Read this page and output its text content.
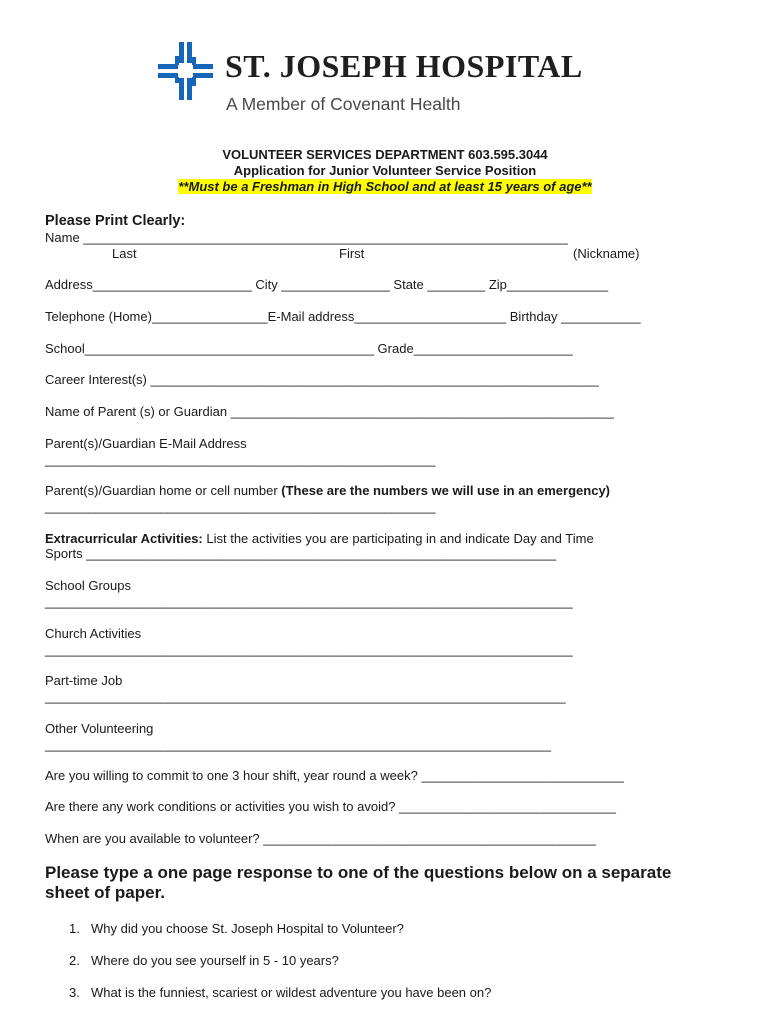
ST. JOSEPH HOSPITAL
A Member of Covenant Health
VOLUNTEER SERVICES DEPARTMENT 603.595.3044
Application for Junior Volunteer Service Position
**Must be a Freshman in High School and at least 15 years of age**
Please Print Clearly:
Name ___________________________________________________________________
Last	First	(Nickname)
Address______________________ City _______________ State ________ Zip______________
Telephone (Home)________________E-Mail address_____________________ Birthday ___________
School________________________________________ Grade______________________
Career Interest(s) ______________________________________________________________
Name of Parent (s) or Guardian _____________________________________________________
Parent(s)/Guardian E-Mail Address
______________________________________________________
Parent(s)/Guardian home or cell number (These are the numbers we will use in an emergency)
______________________________________________________
Extracurricular Activities: List the activities you are participating in and indicate Day and Time
Sports _________________________________________________________________
School Groups
_________________________________________________________________________
Church Activities
_________________________________________________________________________
Part-time Job
________________________________________________________________________
Other Volunteering
______________________________________________________________________
Are you willing to commit to one 3 hour shift, year round a week? ____________________________
Are there any work conditions or activities you wish to avoid? ______________________________
When are you available to volunteer? ______________________________________________
Please type a one page response to one of the questions below on a separate
sheet of paper.
1. Why did you choose St. Joseph Hospital to Volunteer?
2. Where do you see yourself in 5 - 10 years?
3. What is the funniest, scariest or wildest adventure you have been on?
